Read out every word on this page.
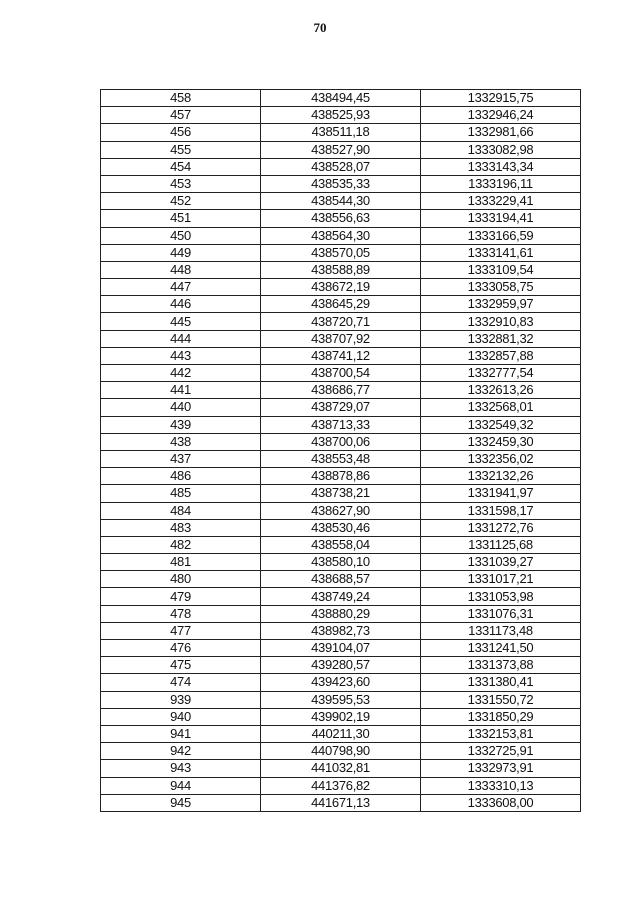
70
458	438494,45	1332915,75
457	438525,93	1332946,24
456	438511,18	1332981,66
455	438527,90	1333082,98
454	438528,07	1333143,34
453	438535,33	1333196,11
452	438544,30	1333229,41
451	438556,63	1333194,41
450	438564,30	1333166,59
449	438570,05	1333141,61
448	438588,89	1333109,54
447	438672,19	1333058,75
446	438645,29	1332959,97
445	438720,71	1332910,83
444	438707,92	1332881,32
443	438741,12	1332857,88
442	438700,54	1332777,54
441	438686,77	1332613,26
440	438729,07	1332568,01
439	438713,33	1332549,32
438	438700,06	1332459,30
437	438553,48	1332356,02
486	438878,86	1332132,26
485	438738,21	1331941,97
484	438627,90	1331598,17
483	438530,46	1331272,76
482	438558,04	1331125,68
481	438580,10	1331039,27
480	438688,57	1331017,21
479	438749,24	1331053,98
478	438880,29	1331076,31
477	438982,73	1331173,48
476	439104,07	1331241,50
475	439280,57	1331373,88
474	439423,60	1331380,41
939	439595,53	1331550,72
940	439902,19	1331850,29
941	440211,30	1332153,81
942	440798,90	1332725,91
943	441032,81	1332973,91
944	441376,82	1333310,13
945	441671,13	1333608,00
